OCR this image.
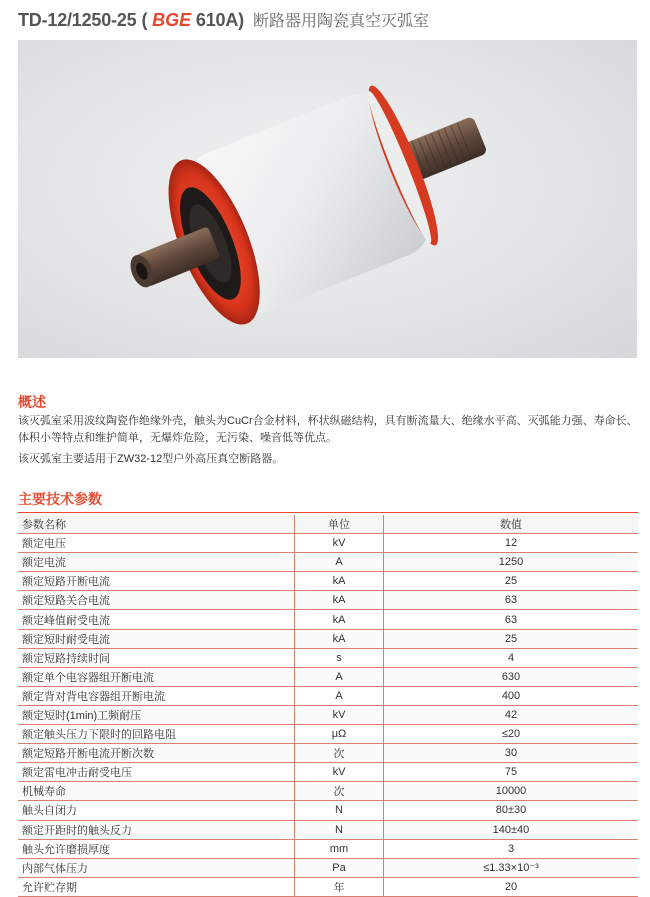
TD-12/1250-25 ( BGE 610A) 断路器用陶瓷真空灭弧室
概述
该灭弧室采用波纹陶瓷作绝缘外壳，触头为CuCr合金材料，杯状纵磁结构，具有断流量大、绝缘水平高、灭弧能力强、寿命长、体积小等特点和维护简单，无爆炸危险，无污染、噪音低等优点。
该灭弧室主要适用于ZW32-12型户外高压真空断路器。
主要技术参数
参数名称	单位	数值
额定电压	kV	12
额定电流	A	1250
额定短路开断电流	kA	25
额定短路关合电流	kA	63
额定峰值耐受电流	kA	63
额定短时耐受电流	kA	25
额定短路持续时间	s	4
额定单个电容器组开断电流	A	630
额定背对背电容器组开断电流	A	400
额定短时(1min)工频耐压	kV	42
额定触头压力下限时的回路电阻	μΩ	≤20
额定短路开断电流开断次数	次	30
额定雷电冲击耐受电压	kV	75
机械寿命	次	10000
触头自闭力	N	80±30
额定开距时的触头反力	N	140±40
触头允许磨损厚度	mm	3
内部气体压力	Pa	≤1.33×10⁻³
允许贮存期	年	20
